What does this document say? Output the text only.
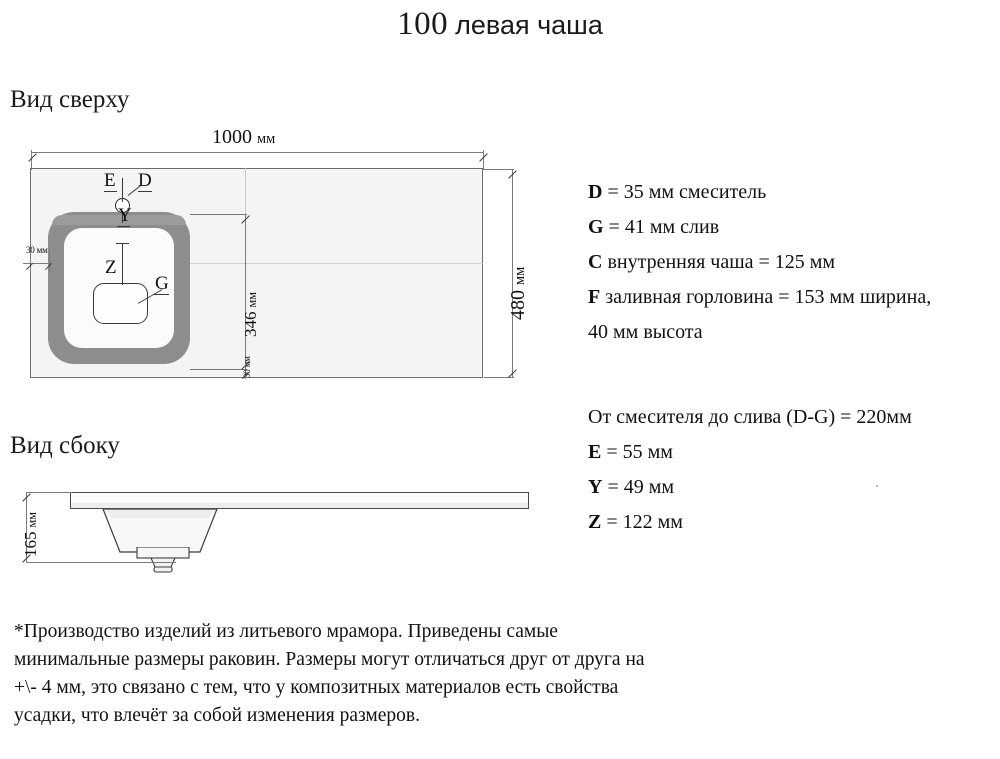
100 левая чаша
Вид сверху
1000 мм
480мм
346мм
30мм
30 мм
E D
Y
Z
G
Вид сбоку
165мм
D = 35 мм смеситель
G = 41 мм слив
C внутренняя чаша = 125 мм
F заливная горловина = 153 мм ширина,
40 мм высота
От смесителя до слива (D-G) = 220мм
E = 55 мм
Y = 49 мм
Z = 122 мм
*Производство изделий из литьевого мрамора. Приведены самые минимальные размеры раковин. Размеры могут отличаться друг от друга на +\- 4 мм, это связано с тем, что у композитных материалов есть свойства усадки, что влечёт за собой изменения размеров.
